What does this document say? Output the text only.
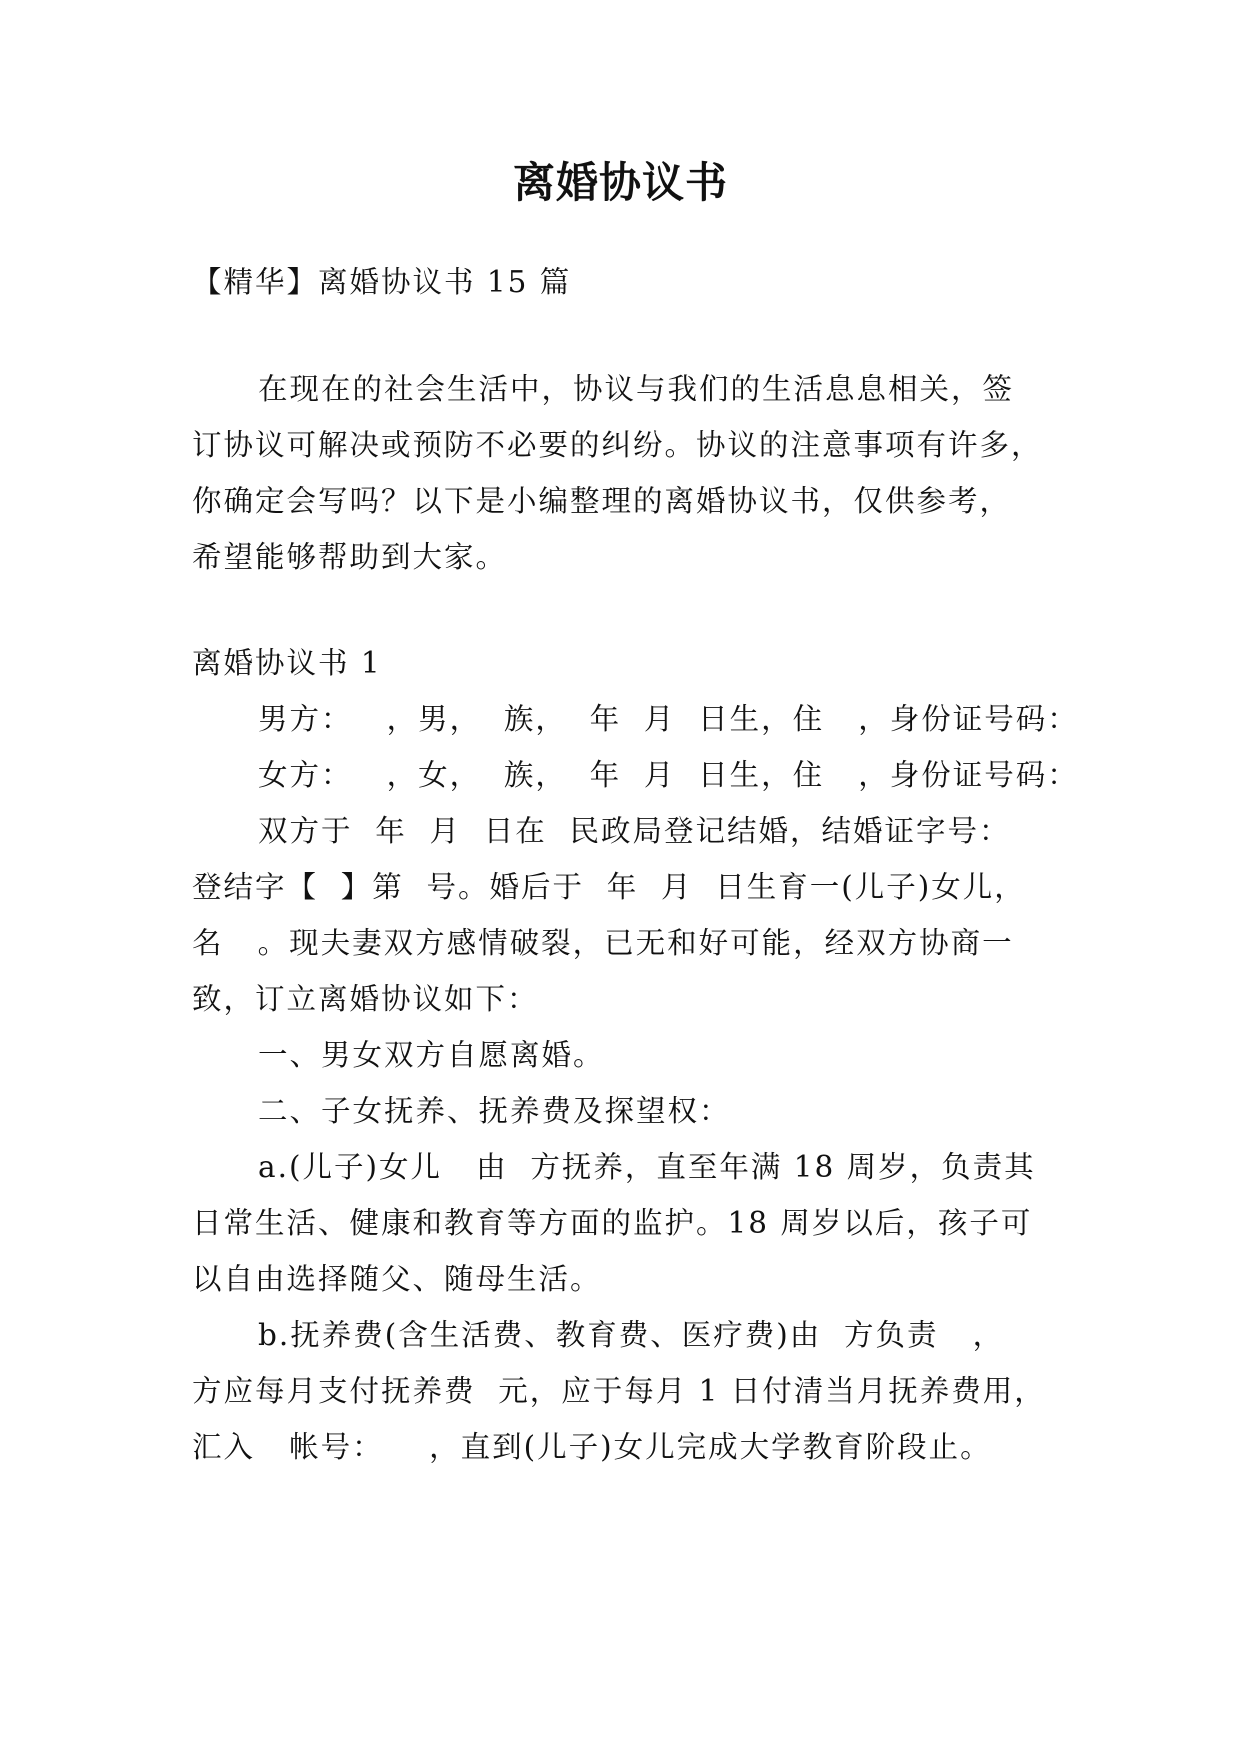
离婚协议书

【精华】离婚协议书 15 篇

在现在的社会生活中，协议与我们的生活息息相关，签

订协议可解决或预防不必要的纠纷。协议的注意事项有许多，

你确定会写吗？以下是小编整理的离婚协议书，仅供参考，

希望能够帮助到大家。

离婚协议书 1

男方：   ，男，  族，  年  月  日生，住   ，身份证号码：

女方：   ，女，  族，  年  月  日生，住   ，身份证号码：

双方于  年  月  日在  民政局登记结婚，结婚证字号：

登结字【  】第  号。婚后于  年  月  日生育一(儿子)女儿，

名   。现夫妻双方感情破裂，已无和好可能，经双方协商一

致，订立离婚协议如下：

一、男女双方自愿离婚。

二、子女抚养、抚养费及探望权：

a.(儿子)女儿   由  方抚养，直至年满 18 周岁，负责其

日常生活、健康和教育等方面的监护。18 周岁以后，孩子可

以自由选择随父、随母生活。

b.抚养费(含生活费、教育费、医疗费)由  方负责   ，

方应每月支付抚养费  元，应于每月 1 日付清当月抚养费用，

汇入   帐号：    ，直到(儿子)女儿完成大学教育阶段止。
